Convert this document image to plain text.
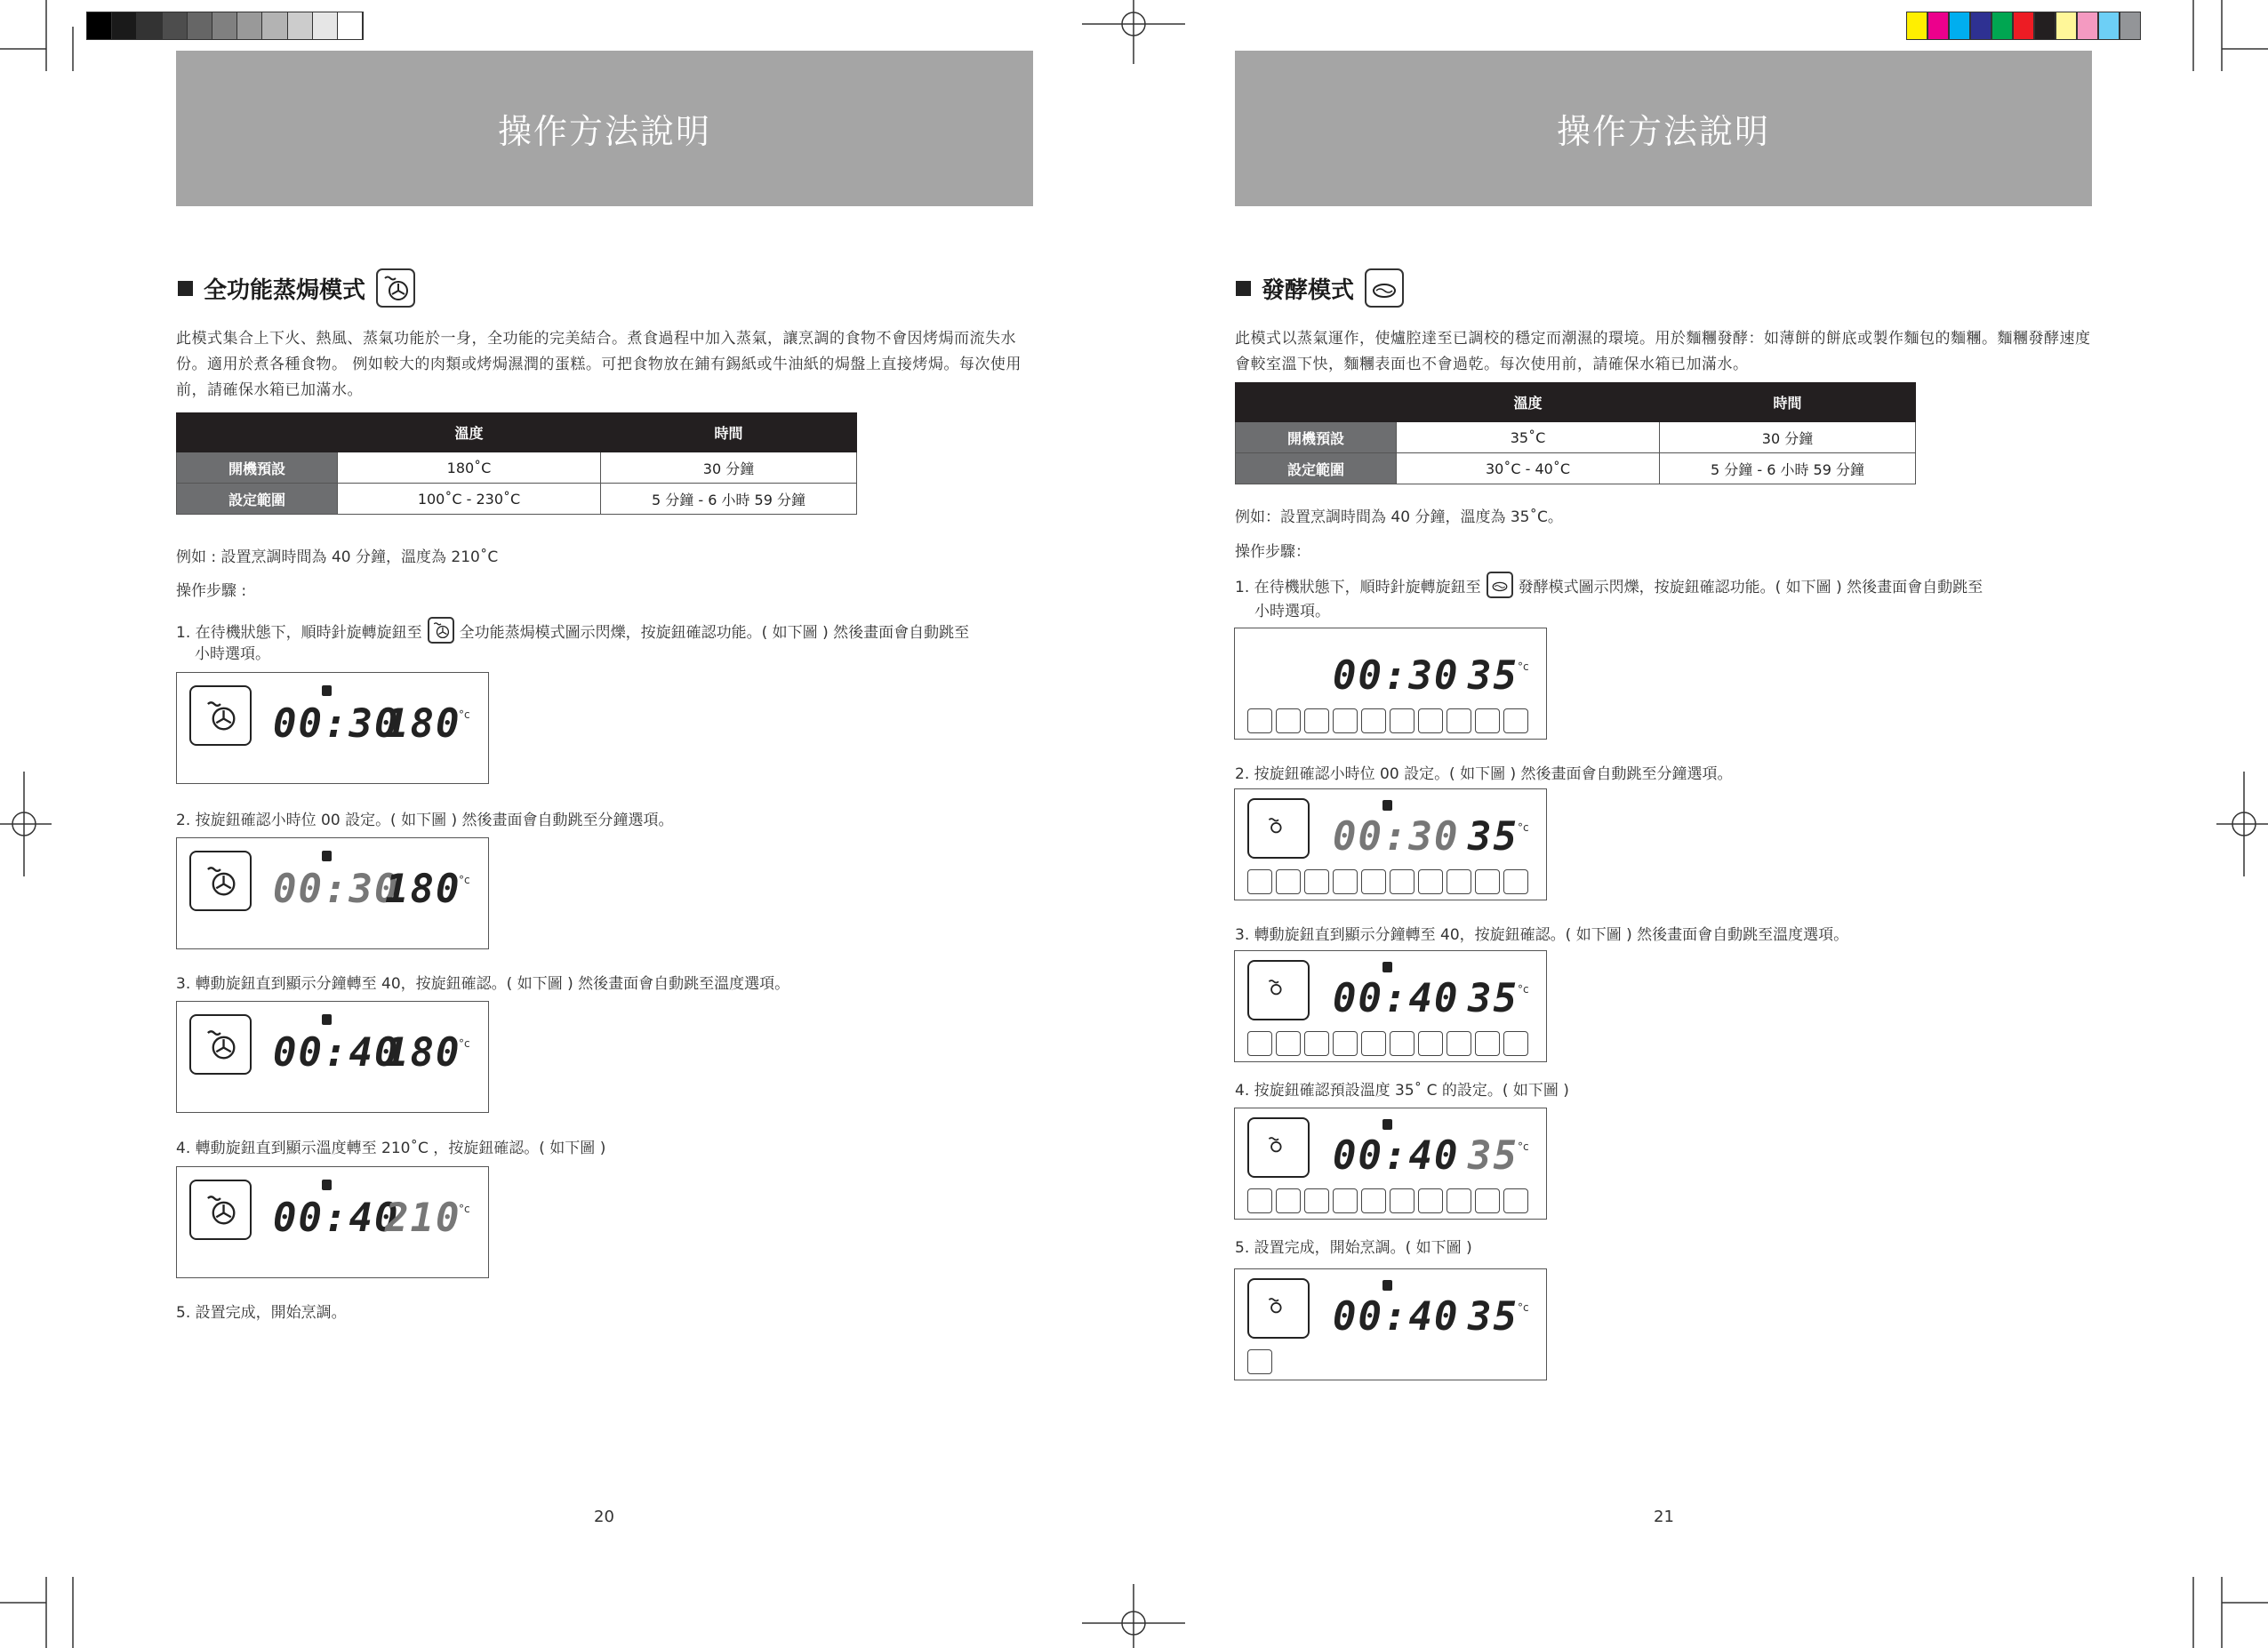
操作方法說明
全功能蒸焗模式
此模式集合上下火、熱風、蒸氣功能於一身，全功能的完美結合。煮食過程中加入蒸氣，讓烹調的食物不會因烤焗而流失水份。適用於煮各種食物。 例如較大的肉類或烤焗濕潤的蛋糕。可把食物放在鋪有錫紙或牛油紙的焗盤上直接烤焗。每次使用前，請確保水箱已加滿水。
	溫度	時間
開機預設	180˚C	30 分鐘
設定範圍	100˚C - 230˚C	5 分鐘 - 6 小時 59 分鐘
例如 : 設置烹調時間為 40 分鐘，溫度為 210˚C
操作步驟 :
1. 在待機狀態下，順時針旋轉旋鈕至 全功能蒸焗模式圖示閃爍，按旋鈕確認功能。( 如下圖 ) 然後畫面會自動跳至
小時選項。
00:30
180
°c
2. 按旋鈕確認小時位 00 設定。( 如下圖 ) 然後畫面會自動跳至分鐘選項。
00:30
180
°c
3. 轉動旋鈕直到顯示分鐘轉至 40，按旋鈕確認。( 如下圖 ) 然後畫面會自動跳至溫度選項。
00:40
180
°c
4. 轉動旋鈕直到顯示溫度轉至 210˚C ，按旋鈕確認。( 如下圖 )
00:40
210
°c
5. 設置完成，開始烹調。
20
操作方法說明
發酵模式
此模式以蒸氣運作，使爐腔達至已調校的穩定而潮濕的環境。用於麵糰發酵：如薄餅的餅底或製作麵包的麵糰。麵糰發酵速度會較室溫下快，麵糰表面也不會過乾。每次使用前，請確保水箱已加滿水。
	溫度	時間
開機預設	35˚C	30 分鐘
設定範圍	30˚C - 40˚C	5 分鐘 - 6 小時 59 分鐘
例如：設置烹調時間為 40 分鐘，溫度為 35˚C。
操作步驟：
1. 在待機狀態下，順時針旋轉旋鈕至 發酵模式圖示閃爍，按旋鈕確認功能。( 如下圖 ) 然後畫面會自動跳至
小時選項。
00:30 35 °c
2. 按旋鈕確認小時位 00 設定。( 如下圖 ) 然後畫面會自動跳至分鐘選項。
00:30 35 °c
3. 轉動旋鈕直到顯示分鐘轉至 40，按旋鈕確認。( 如下圖 ) 然後畫面會自動跳至溫度選項。
00:40 35 °c
4. 按旋鈕確認預設溫度 35˚ C 的設定。( 如下圖 )
00:40 35 °c
5. 設置完成，開始烹調。( 如下圖 )
00:40 35 °c
21
